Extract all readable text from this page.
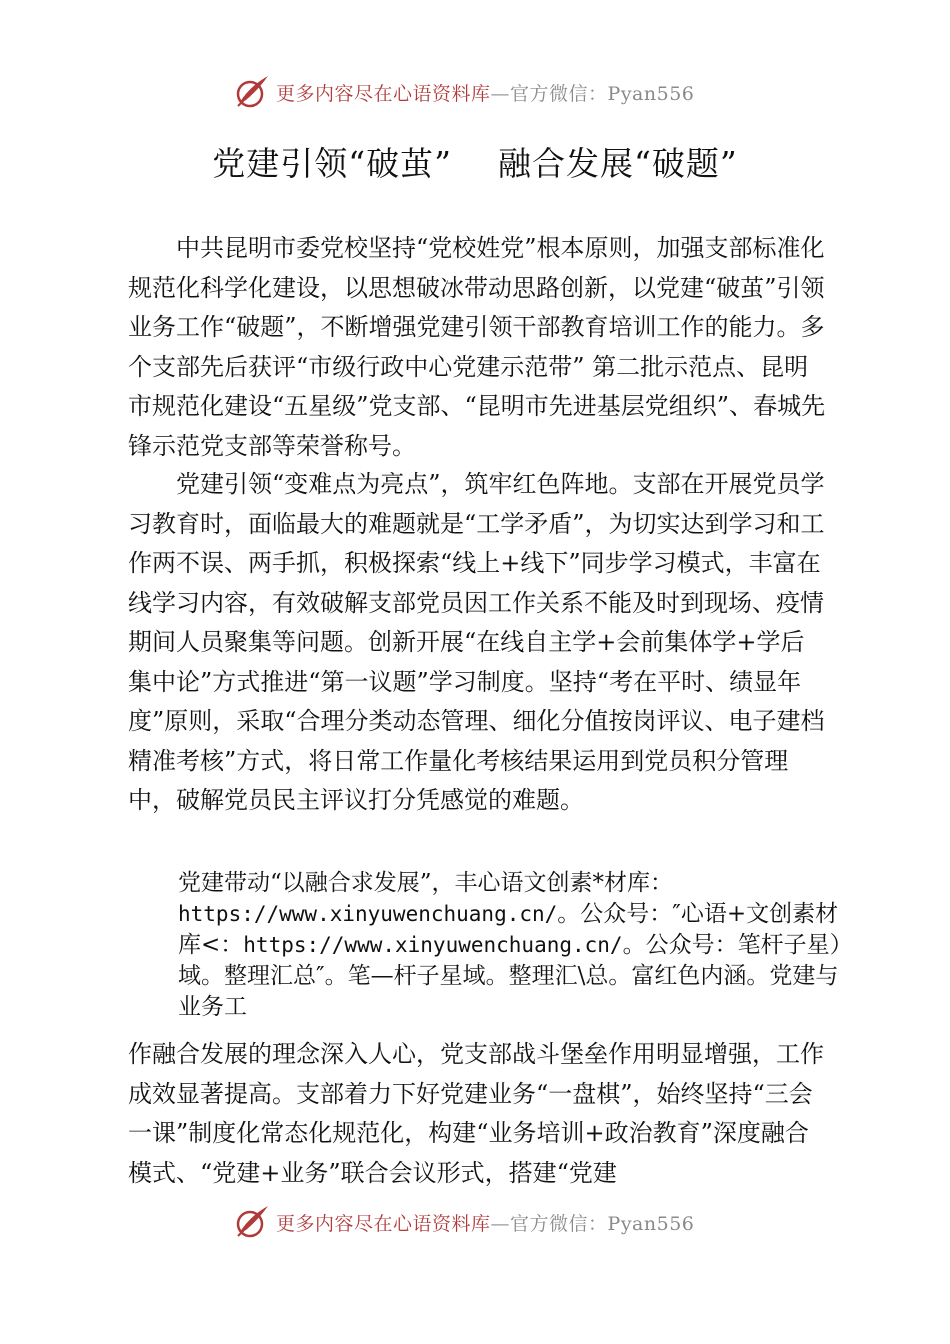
更多内容尽在心语资料库—官方微信：Pyan556
党建引领“破茧”    融合发展“破题”

中共昆明市委党校坚持“党校姓党”根本原则，加强支部标准化规范化科学化建设，以思想破冰带动思路创新，以党建“破茧”引领业务工作“破题”，不断增强党建引领干部教育培训工作的能力。多个支部先后获评“市级行政中心党建示范带” 第二批示范点、昆明市规范化建设“五星级”党支部、“昆明市先进基层党组织”、春城先锋示范党支部等荣誉称号。

党建引领“变难点为亮点”，筑牢红色阵地。支部在开展党员学习教育时，面临最大的难题就是“工学矛盾”，为切实达到学习和工作两不误、两手抓，积极探索“线上+线下”同步学习模式，丰富在线学习内容，有效破解支部党员因工作关系不能及时到现场、疫情期间人员聚集等问题。创新开展“在线自主学+会前集体学+学后集中论”方式推进“第一议题”学习制度。坚持“考在平时、绩显年度”原则，采取“合理分类动态管理、细化分值按岗评议、电子建档精准考核”方式，将日常工作量化考核结果运用到党员积分管理中，破解党员民主评议打分凭感觉的难题。

党建带动“以融合求发展”，丰心语文创素*材库：
https://www.xinyuwenchuang.cn/。公众号：″心语+文创素材库<：https://www.xinyuwenchuang.cn/。公众号：笔杆子星）域。整理汇总″。笔—杆子星域。整理汇\总。富红色内涵。党建与业务工

作融合发展的理念深入人心，党支部战斗堡垒作用明显增强，工作成效显著提高。支部着力下好党建业务“一盘棋”，始终坚持“三会一课”制度化常态化规范化，构建“业务培训+政治教育”深度融合模式、“党建+业务”联合会议形式，搭建“党建

更多内容尽在心语资料库—官方微信：Pyan556
